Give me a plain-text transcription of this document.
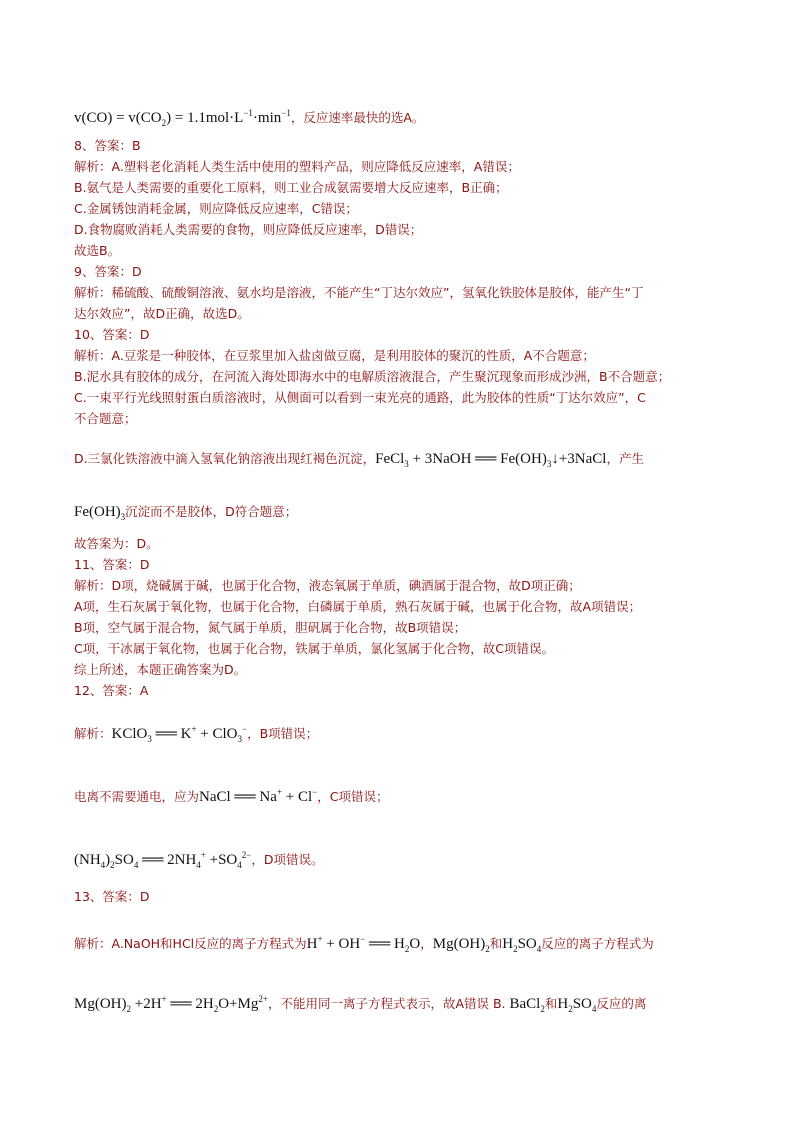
$v(CO) = v(CO_2) = 1.1mol\cdot L^{-1}\cdot\min^{-1}$，反应速率最快的选A。
8、答案：B
解析：A.塑料老化消耗人类生活中使用的塑料产品，则应降低反应速率，A错误；
B.氨气是人类需要的重要化工原料，则工业合成氨需要增大反应速率，B正确；
C.金属锈蚀消耗金属，则应降低反应速率，C错误；
D.食物腐败消耗人类需要的食物，则应降低反应速率，D错误；
故选B。
9、答案：D
解析：稀硫酸、硫酸铜溶液、氨水均是溶液，不能产生“丁达尔效应”，氢氧化铁胶体是胶体，能产生“丁
达尔效应”，故D正确，故选D。
10、答案：D
解析：A.豆浆是一种胶体，在豆浆里加入盐卤做豆腐，是利用胶体的聚沉的性质，A不合题意；
B.泥水具有胶体的成分，在河流入海处即海水中的电解质溶液混合，产生聚沉现象而形成沙洲，B不合题意；
C.一束平行光线照射蛋白质溶液时，从侧面可以看到一束光亮的通路，此为胶体的性质“丁达尔效应”，C
不合题意；
D.三氯化铁溶液中滴入氢氧化钠溶液出现红褐色沉淀，FeCl$_3$ + 3NaOH ══ $Fe(OH)_3↓+3NaCl$，产生
$Fe(OH)_3$沉淀而不是胶体，D符合题意；
故答案为：D。
11、答案：D
解析：D项，烧碱属于碱，也属于化合物，液态氧属于单质，碘酒属于混合物，故D项正确；
A项，生石灰属于氧化物，也属于化合物，白磷属于单质，熟石灰属于碱，也属于化合物，故A项错误；
B项，空气属于混合物，氮气属于单质，胆矾属于化合物，故B项错误；
C项，干冰属于氧化物，也属于化合物，铁属于单质，氯化氢属于化合物，故C项错误。
综上所述，本题正确答案为D。
12、答案：A
解析：KClO$_3$ ══ K+ + ClO$_3$−，B项错误；
电离不需要通电，应为NaCl ══ Na+ + Cl−，C项错误；
$(NH_4)_2SO_4$ ══ $2NH_4^+ +SO_4^{2-}$，D项错误。
13、答案：D
解析：A.NaOH和HCl反应的离子方程式为H+ + OH− ══ $H_2O$，$Mg(OH)_2$和$H_2SO_4$反应的离子方程式为
$Mg(OH)_2 +2H^+$ ══ $2H_2O+Mg^{2+}$，不能用同一离子方程式表示，故A错误 B. BaCl$_2$和$H_2SO_4$反应的离
